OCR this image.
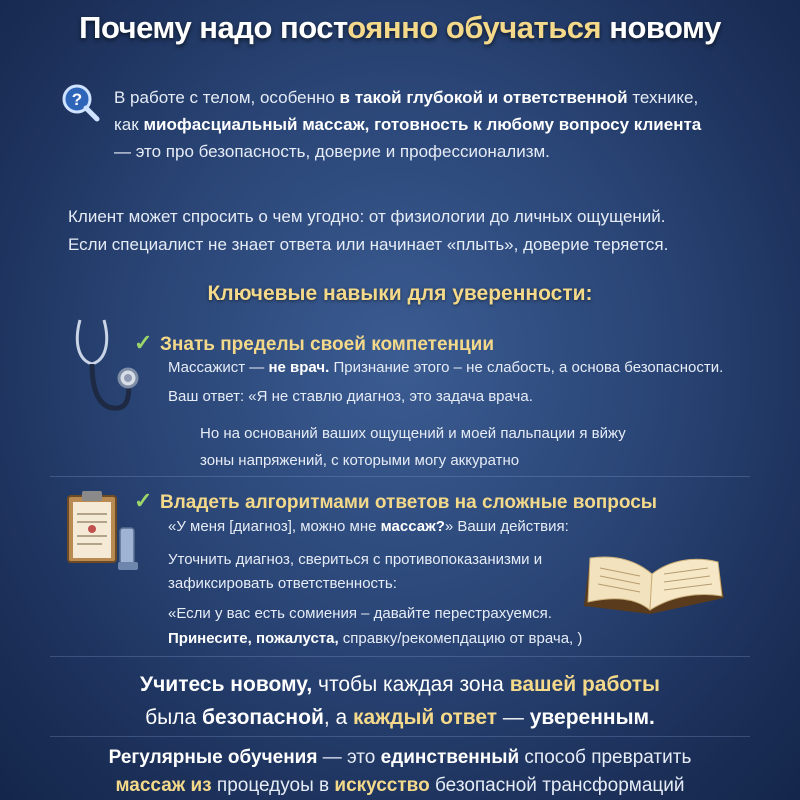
Почему надо постоянно обучаться новому
? В работе с телом, особенно в такой глубокой и ответственной технике, как миофасциальный массаж, готовность к любому вопросу клиента — это про безопасность, доверие и профессионализм.
Клиент может спросить о чем угодно: от физиологии до личных ощущений.
Если специалист не знает ответа или начинает «плыть», доверие теряется.
Ключевые навыки для уверенности:
✓ Знать пределы своей компетенции
Массажист — не врач. Признание этого – не слабость, а основа безопасности.
Ваш ответ: «Я не ставлю диагноз, это задача врача.
Но на оснований ваших ощущений и моей пальпации я вйжу зоны напряжений, с которыми могу аккуратно
✓ Владеть алгоритмами ответов на сложные вопросы
«У меня [диагноз], можно мне массаж?» Ваши действия:
Уточнить диагноз, свериться с противопоказанизми и зафиксировать ответственность:
«Если у вас есть сомиения – давайте перестрахуемся.
Принесите, пожалуста, справку/рекомепдацию от врача, )
Учитесь новому, чтобы каждая зона вашей работы
была безопасной, а каждый ответ — уверенным.
Регулярные обучения — это единственный способ превратить
массаж из процедуоы в искусство безопасной трансформаций
